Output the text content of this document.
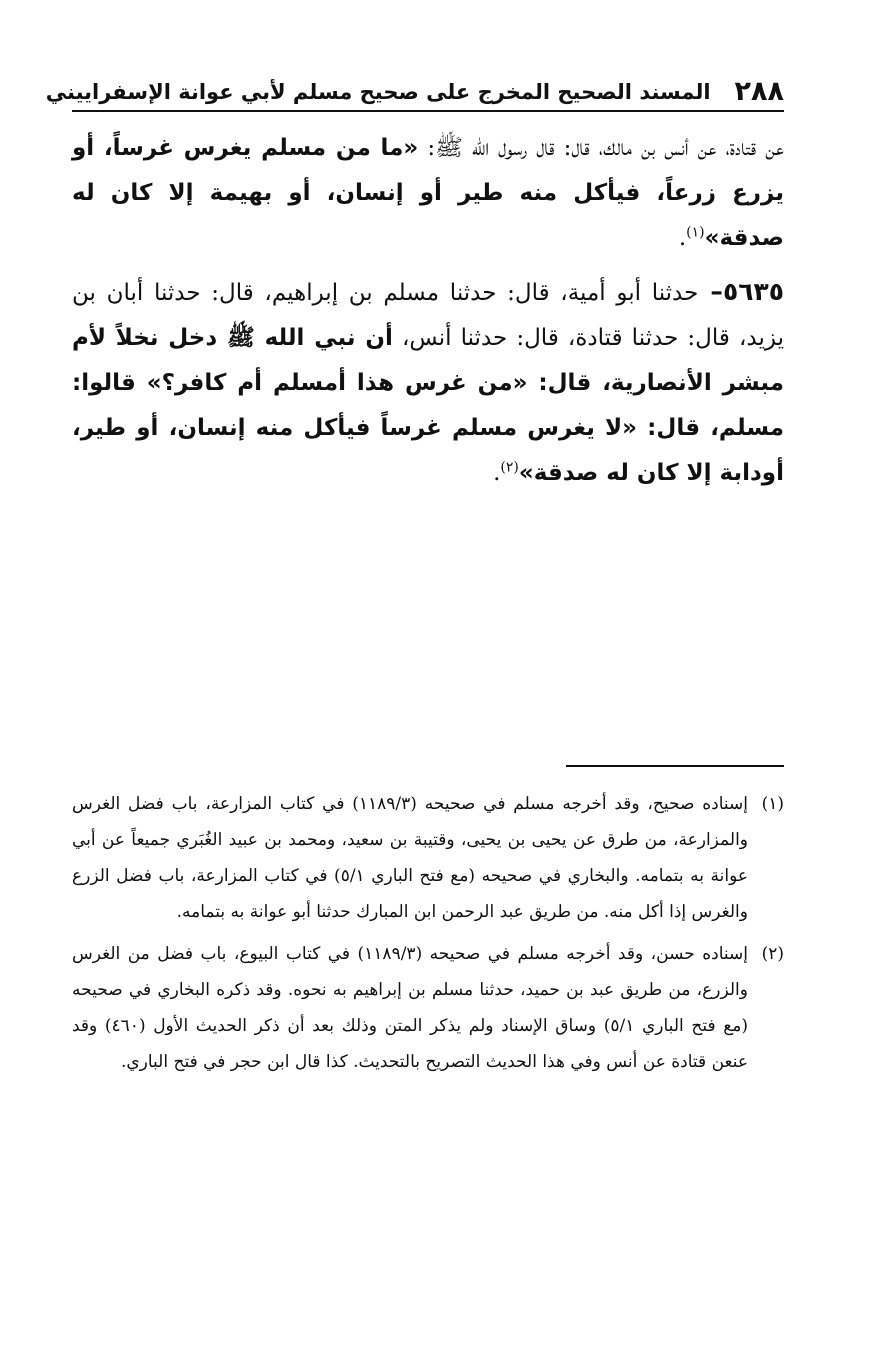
٢٨٨
المسند الصحيح المخرج على صحيح مسلم لأبي عوانة الإسفراييني

عن قتادة، عن أنس بن مالك، قال: قال رسول الله ﷺ: «ما من مسلم يغرس غرساً، أو يزرع زرعاً، فيأكل منه طير أو إنسان، أو بهيمة إلا كان له صدقة»$^{(١)}$.

٥٦٣٥– حدثنا أبو أمية، قال: حدثنا مسلم بن إبراهيم، قال: حدثنا أبان بن يزيد، قال: حدثنا قتادة، قال: حدثنا أنس، أن نبي الله ﷺ دخل نخلاً لأم مبشر الأنصارية، قال: «من غرس هذا أمسلم أم كافر؟» قالوا: مسلم، قال: «لا يغرس مسلم غرساً فيأكل منه إنسان، أو طير، أودابة إلا كان له صدقة»$^{(٢)}$.

(١)
إسناده صحيح، وقد أخرجه مسلم في صحيحه (١١٨٩/٣) في كتاب المزارعة، باب فضل الغرس والمزارعة، من طرق عن يحيى بن يحيى، وقتيبة بن سعيد، ومحمد بن عبيد الغُبَري جميعاً عن أبي عوانة به بتمامه. والبخاري في صحيحه (مع فتح الباري ٥/١) في كتاب المزارعة، باب فضل الزرع والغرس إذا أكل منه. من طريق عبد الرحمن ابن المبارك حدثنا أبو عوانة به بتمامه.
(٢)
إسناده حسن، وقد أخرجه مسلم في صحيحه (١١٨٩/٣) في كتاب البيوع، باب فضل من الغرس والزرع، من طريق عبد بن حميد، حدثنا مسلم بن إبراهيم به نحوه. وقد ذكره البخاري في صحيحه (مع فتح الباري ٥/١) وساق الإسناد ولم يذكر المتن وذلك بعد أن ذكر الحديث الأول (٤٦٠) وقد عنعن قتادة عن أنس وفي هذا الحديث التصريح بالتحديث. كذا قال ابن حجر في فتح الباري.
